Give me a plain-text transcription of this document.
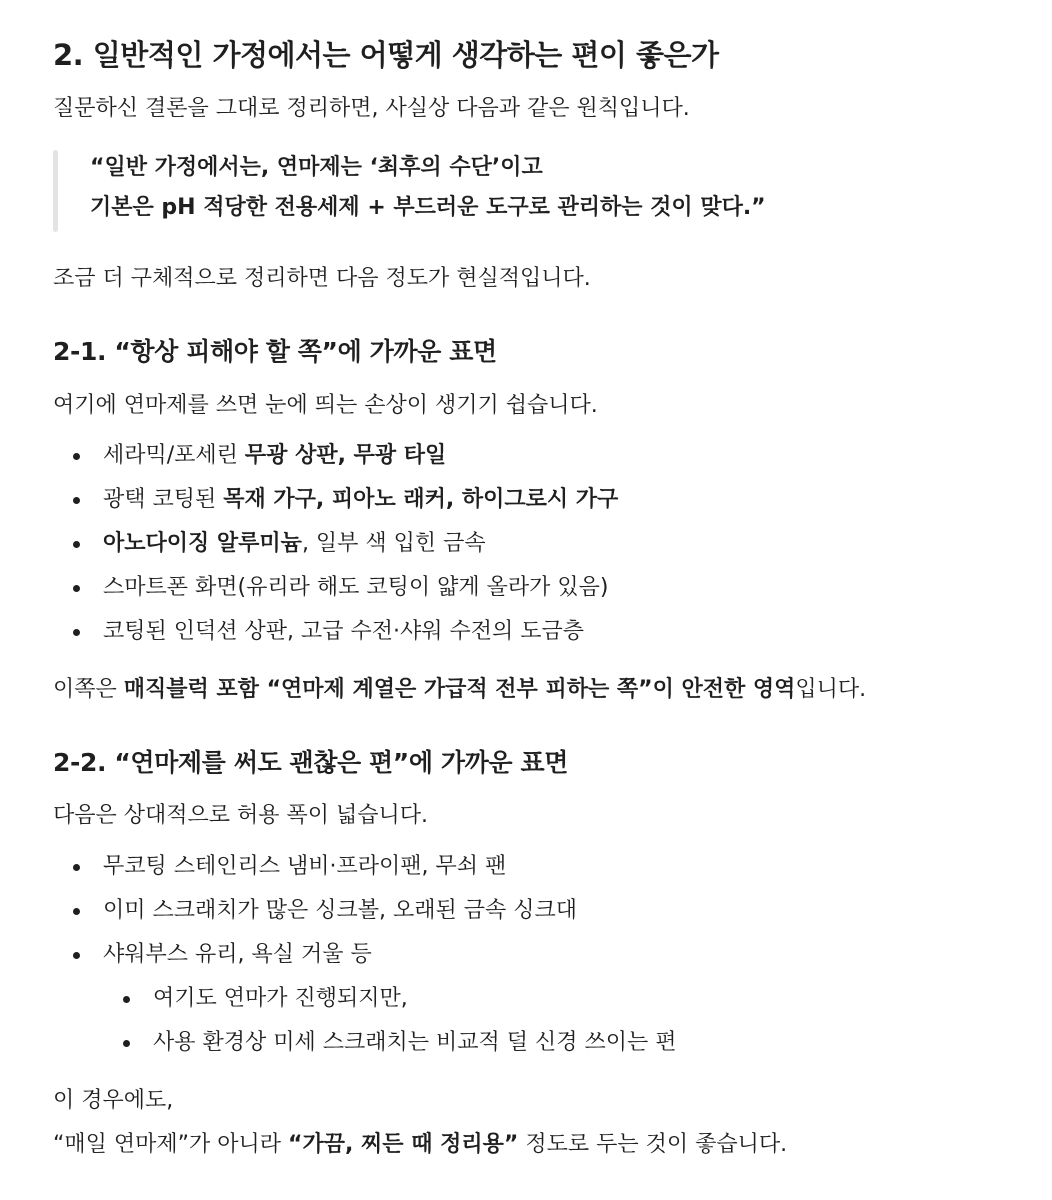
2. 일반적인 가정에서는 어떻게 생각하는 편이 좋은가

질문하신 결론을 그대로 정리하면, 사실상 다음과 같은 원칙입니다.

“일반 가정에서는, 연마제는 ‘최후의 수단’이고

기본은 pH 적당한 전용세제 + 부드러운 도구로 관리하는 것이 맞다.”

조금 더 구체적으로 정리하면 다음 정도가 현실적입니다.

2-1. “항상 피해야 할 쪽”에 가까운 표면

여기에 연마제를 쓰면 눈에 띄는 손상이 생기기 쉽습니다.

세라믹/포세린 무광 상판, 무광 타일
광택 코팅된 목재 가구, 피아노 래커, 하이그로시 가구
아노다이징 알루미늄, 일부 색 입힌 금속
스마트폰 화면(유리라 해도 코팅이 얇게 올라가 있음)
코팅된 인덕션 상판, 고급 수전·샤워 수전의 도금층

이쪽은 매직블럭 포함 “연마제 계열은 가급적 전부 피하는 쪽”이 안전한 영역입니다.

2-2. “연마제를 써도 괜찮은 편”에 가까운 표면

다음은 상대적으로 허용 폭이 넓습니다.

무코팅 스테인리스 냄비·프라이팬, 무쇠 팬
이미 스크래치가 많은 싱크볼, 오래된 금속 싱크대
샤워부스 유리, 욕실 거울 등
여기도 연마가 진행되지만,
사용 환경상 미세 스크래치는 비교적 덜 신경 쓰이는 편

이 경우에도,

“매일 연마제”가 아니라 “가끔, 찌든 때 정리용” 정도로 두는 것이 좋습니다.
